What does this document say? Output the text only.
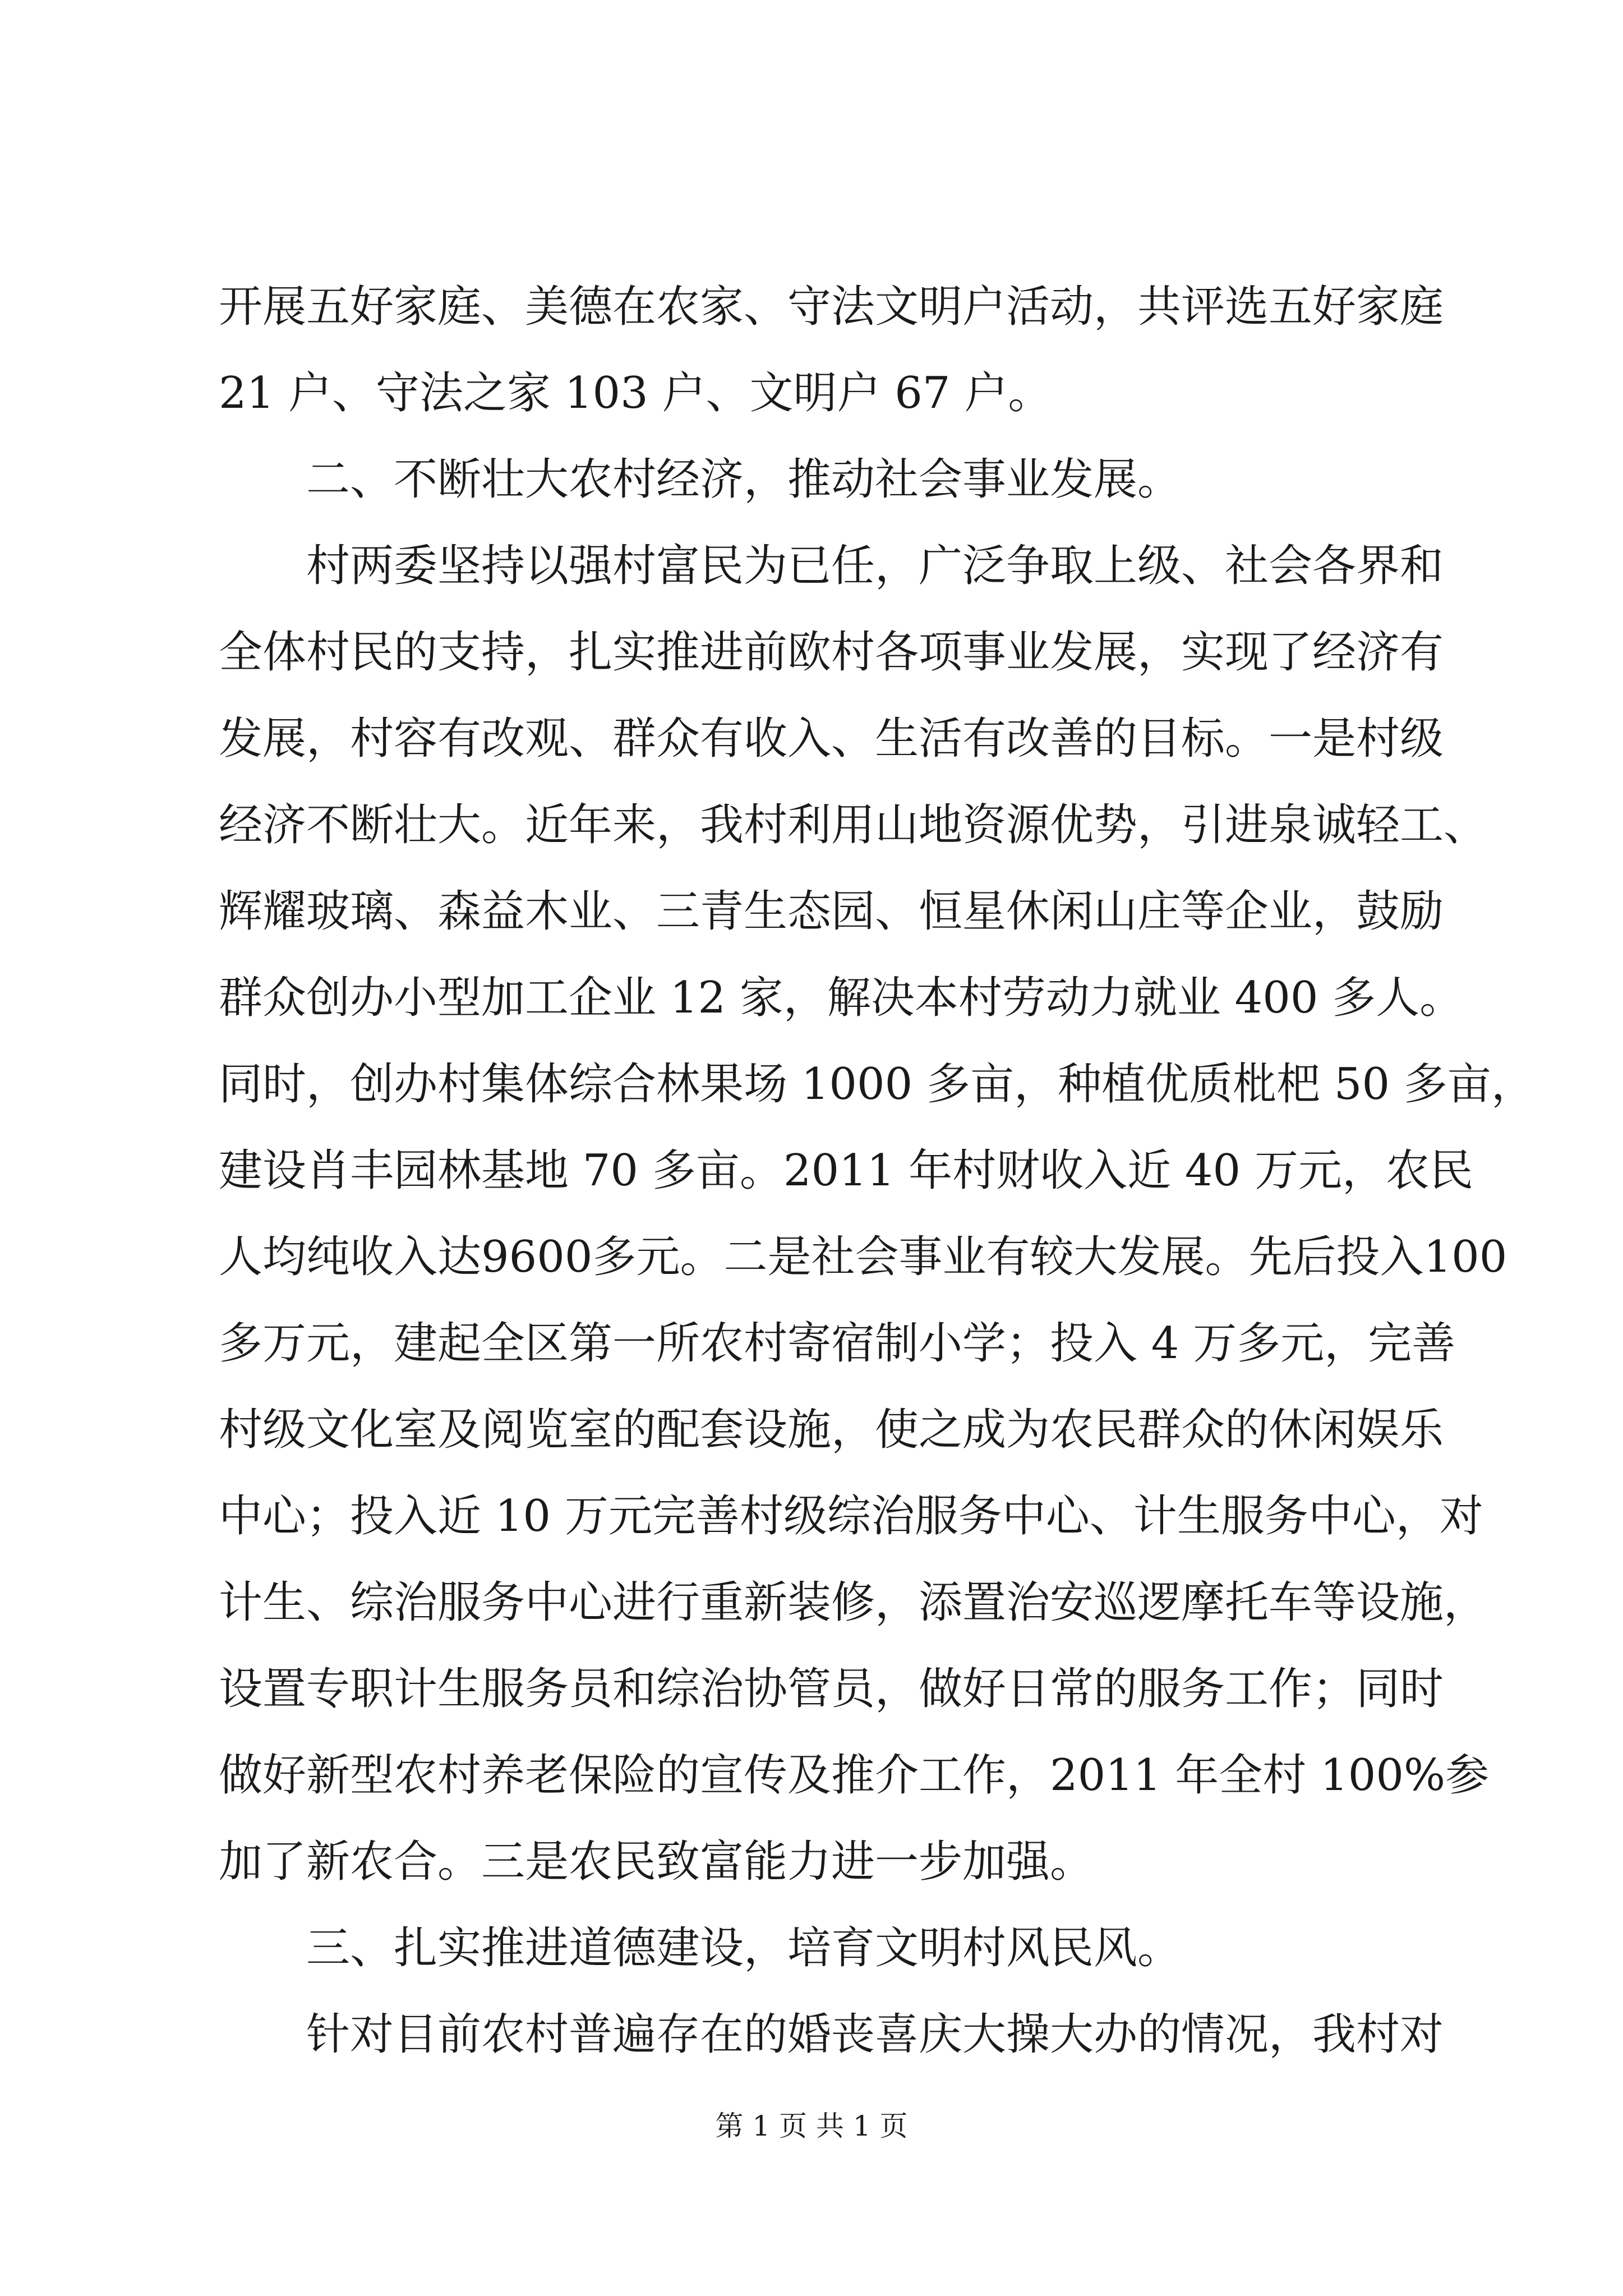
开展五好家庭、美德在农家、守法文明户活动，共评选五好家庭
21 户、守法之家 103 户、文明户 67 户。
二、不断壮大农村经济，推动社会事业发展。
村两委坚持以强村富民为已任，广泛争取上级、社会各界和
全体村民的支持，扎实推进前欧村各项事业发展，实现了经济有
发展，村容有改观、群众有收入、生活有改善的目标。一是村级
经济不断壮大。近年来，我村利用山地资源优势，引进泉诚轻工、
辉耀玻璃、森益木业、三青生态园、恒星休闲山庄等企业，鼓励
群众创办小型加工企业 12 家，解决本村劳动力就业 400 多人。
同时，创办村集体综合林果场 1000 多亩，种植优质枇杷 50 多亩，
建设肖丰园林基地 70 多亩。2011 年村财收入近 40 万元，农民
人均纯收入达9600多元。二是社会事业有较大发展。先后投入100
多万元，建起全区第一所农村寄宿制小学；投入 4 万多元，完善
村级文化室及阅览室的配套设施，使之成为农民群众的休闲娱乐
中心；投入近 10 万元完善村级综治服务中心、计生服务中心，对
计生、综治服务中心进行重新装修，添置治安巡逻摩托车等设施，
设置专职计生服务员和综治协管员，做好日常的服务工作；同时
做好新型农村养老保险的宣传及推介工作，2011 年全村 100%参
加了新农合。三是农民致富能力进一步加强。
三、扎实推进道德建设，培育文明村风民风。
针对目前农村普遍存在的婚丧喜庆大操大办的情况，我村对
第 1 页 共 1 页
